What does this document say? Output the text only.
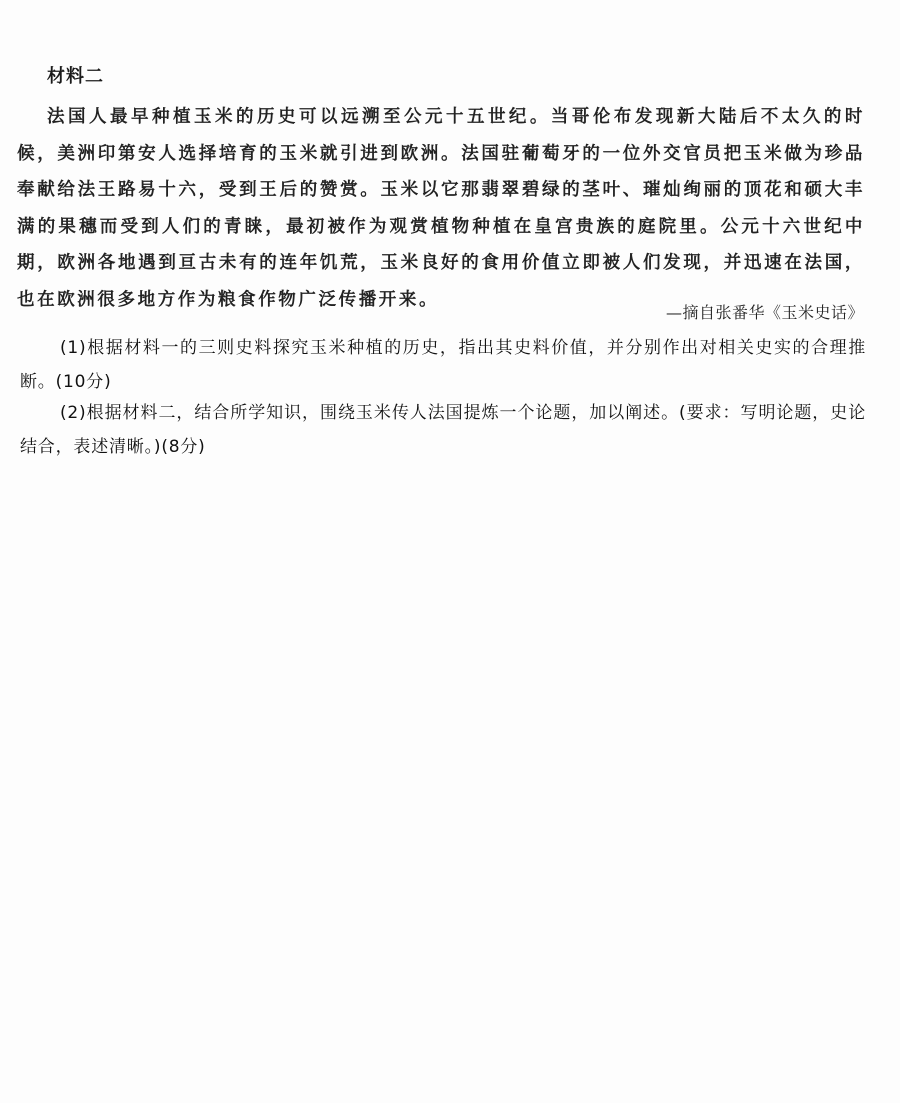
材料二

法国人最早种植玉米的历史可以远溯至公元十五世纪。当哥伦布发现新大陆后不太久的时候，美洲印第安人选择培育的玉米就引进到欧洲。法国驻葡萄牙的一位外交官员把玉米做为珍品奉献给法王路易十六，受到王后的赞赏。玉米以它那翡翠碧绿的茎叶、璀灿绚丽的顶花和硕大丰满的果穗而受到人们的青睐，最初被作为观赏植物种植在皇宫贵族的庭院里。公元十六世纪中期，欧洲各地遇到亘古未有的连年饥荒，玉米良好的食用价值立即被人们发现，并迅速在法国，也在欧洲很多地方作为粮食作物广泛传播开来。

—摘自张番华《玉米史话》

(1)根据材料一的三则史料探究玉米种植的历史，指出其史料价值，并分别作出对相关史实的合理推断。(10分)

(2)根据材料二，结合所学知识，围绕玉米传人法国提炼一个论题，加以阐述。(要求：写明论题，史论结合，表述清晰。)(8分)
